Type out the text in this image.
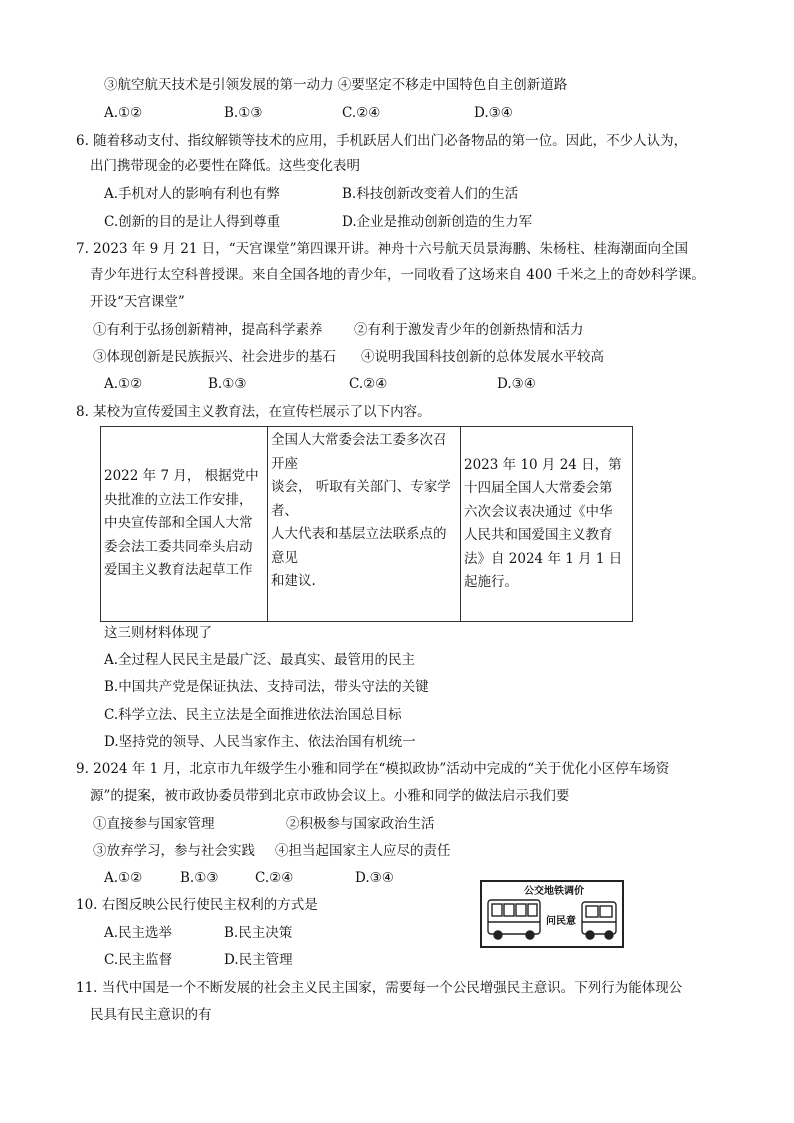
③航空航天技术是引领发展的第一动力 ④要坚定不移走中国特色自主创新道路
A.①②	B.①③	C.②④	D.③④
6. 随着移动支付、指纹解锁等技术的应用，手机跃居人们出门必备物品的第一位。因此，不少人认为，
出门携带现金的必要性在降低。这些变化表明
A.手机对人的影响有利也有弊	B.科技创新改变着人们的生活
C.创新的目的是让人得到尊重	D.企业是推动创新创造的生力军
7. 2023 年 9 月 21 日，“天宫课堂”第四课开讲。神舟十六号航天员景海鹏、朱杨柱、桂海潮面向全国
青少年进行太空科普授课。来自全国各地的青少年，一同收看了这场来自 400 千米之上的奇妙科学课。
开设“天宫课堂”
①有利于弘扬创新精神，提高科学素养 ②有利于激发青少年的创新热情和活力
③体现创新是民族振兴、社会进步的基石 ④说明我国科技创新的总体发展水平较高
A.①②	B.①③	C.②④	D.③④
8. 某校为宣传爱国主义教育法，在宣传栏展示了以下内容。
2022 年 7 月， 根据党中
央批准的立法工作安排，
中央宣传部和全国人大常
委会法工委共同牵头启动
爱国主义教育法起草工作

全国人大常委会法工委多次召
开座
谈会， 听取有关部门、专家学
者、
人大代表和基层立法联系点的
意见
和建议.

2023 年 10 月 24 日，第
十四届全国人大常委会第
六次会议表决通过《中华
人民共和国爱国主义教育
法》自 2024 年 1 月 1 日
起施行。
这三则材料体现了
A.全过程人民民主是最广泛、最真实、最管用的民主
B.中国共产党是保证执法、支持司法，带头守法的关键
C.科学立法、民主立法是全面推进依法治国总目标
D.坚持党的领导、人民当家作主、依法治国有机统一
9. 2024 年 1 月，北京市九年级学生小雅和同学在“模拟政协”活动中完成的“关于优化小区停车场资
源”的提案，被市政协委员带到北京市政协会议上。小雅和同学的做法启示我们要
①直接参与国家管理	②积极参与国家政治生活
③放弃学习，参与社会实践 ④担当起国家主人应尽的责任
A.①②	B.①③	C.②④	D.③④
10. 右图反映公民行使民主权利的方式是
A.民主选举	B.民主决策
C.民主监督	D.民主管理
公交地铁调价
问民意
11. 当代中国是一个不断发展的社会主义民主国家，需要每一个公民增强民主意识。下列行为能体现公
民具有民主意识的有
